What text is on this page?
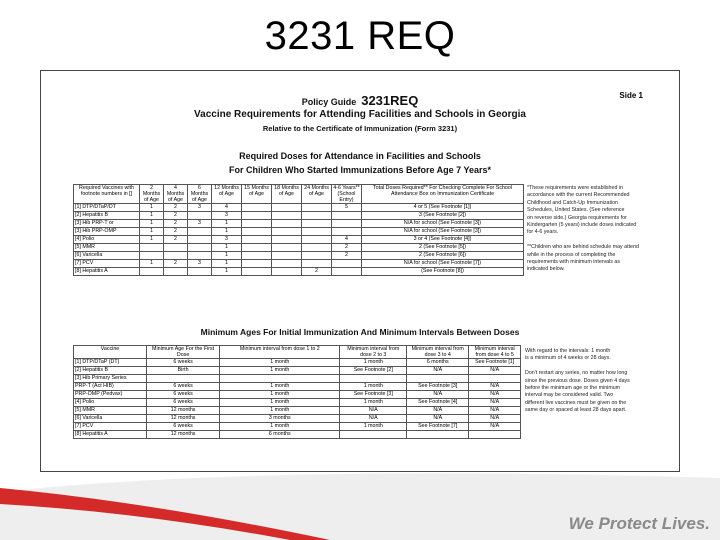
3231 REQ
Side 1
Policy Guide 3231REQ
Vaccine Requirements for Attending Facilities and Schools in Georgia
Relative to the Certificate of Immunization (Form 3231)
Required Doses for Attendance in Facilities and Schools
For Children Who Started Immunizations Before Age 7 Years*
Required Vaccines with footnote numbers in []	2 Months of Age	4 Months of Age	6 Months of Age	12 Months of Age	15 Months of Age	18 Months of Age	24 Months of Age	4-6 Years** (School Entry)	Total Doses Required** For Checking Complete For School Attendance Box on Immunization Certificate
[1] DTP/DTaP/DT	1	2	3	4				5	4 or 5 (See Footnote [1])
[2] Hepatitis B	1	2		3					3 (See Footnote [2])
[3] Hib PRP-T or	1	2	3	1					N/A for school (See Footnote [3])
[3] Hib PRP-OMP	1	2		1					N/A for school (See Footnote [3])
[4] Polio	1	2		3				4	3 or 4 (See Footnote [4])
[5] MMR				1				2	2 (See Footnote [5])
[6] Varicella				1				2	2 (See Footnote [6])
[7] PCV	1	2	3	1					N/A for school (See Footnote [7])
[8] Hepatitis A				1			2		(See Footnote [8])
*These requirements were established in
accordance with the current Recommended
Childhood and Catch-Up Immunization
Schedules, United States. (See reference
on reverse side.) Georgia requirements for
Kindergarten (5 years) include doses indicated
for 4-6 years.

**Children who are behind schedule may attend
while in the process of completing the
requirements with minimum intervals as
indicated below.
Minimum Ages For Initial Immunization And Minimum Intervals Between Doses
Vaccine	Minimum Age For the First Dose	Minimum interval from dose 1 to 2	Minimum interval from dose 2 to 3	Minimum interval from dose 3 to 4	Minimum interval from dose 4 to 5
[1] DTP/DTaP (DT)	6 weeks	1 month	1 month	6 months	See Footnote [1]
[2] Hepatitis B	Birth	1 month	See Footnote [2]	N/A	N/A
[3] Hib Primary Series					
PRP-T (Act HIB)	6 weeks	1 month	1 month	See Footnote [3]	N/A
PRP-OMP (Pedvax)	6 weeks	1 month	See Footnote [3]	N/A	N/A
[4] Polio	6 weeks	1 month	1 month	See Footnote [4]	N/A
[5] MMR	12 months	1 month	N/A	N/A	N/A
[6] Varicella	12 months	3 months	N/A	N/A	N/A
[7] PCV	6 weeks	1 month	1 month	See Footnote [7]	N/A
[8] Hepatitis A	12 months	6 months			
With regard to the intervals: 1 month
is a minimum of 4 weeks or 28 days.

Don't restart any series, no matter how long
since the previous dose. Doses given 4 days
before the minimum age or the minimum
interval may be considered valid. Two
different live vaccines must be given on the
same day or spaced at least 28 days apart.
We Protect Lives.
